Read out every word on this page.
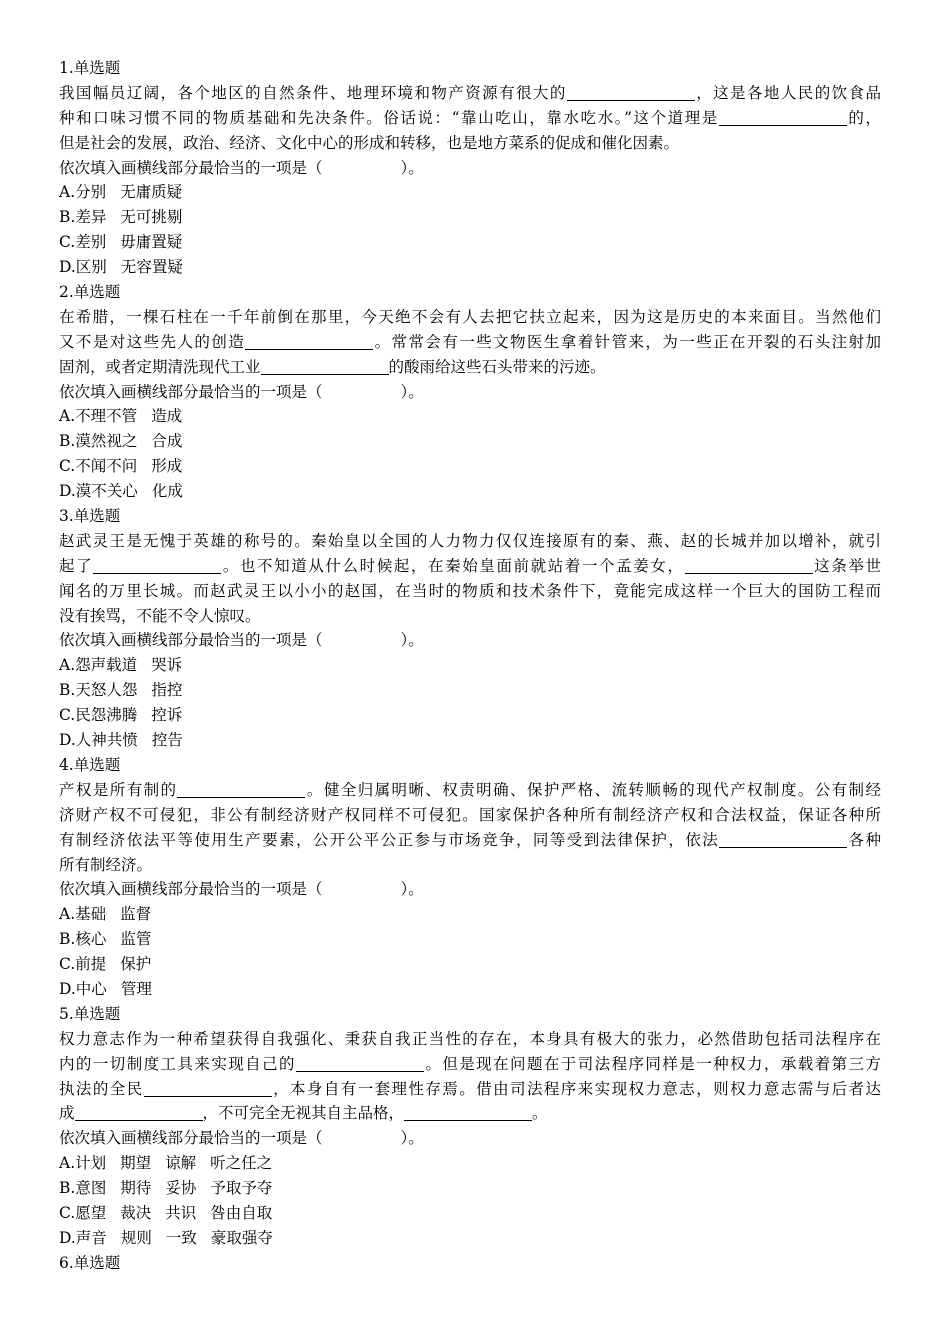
1.单选题
我国幅员辽阔，各个地区的自然条件、地理环境和物产资源有很大的	，这是各地人民的饮食品
种和口味习惯不同的物质基础和先决条件。俗话说：“靠山吃山，靠水吃水。”这个道理是	的，
但是社会的发展，政治、经济、文化中心的形成和转移，也是地方菜系的促成和催化因素。
依次填入画横线部分最恰当的一项是（	）。
A.分别 无庸质疑
B.差异 无可挑剔
C.差别 毋庸置疑
D.区别 无容置疑
2.单选题
在希腊，一棵石柱在一千年前倒在那里，今天绝不会有人去把它扶立起来，因为这是历史的本来面目。当然他们
又不是对这些先人的创造	。常常会有一些文物医生拿着针管来，为一些正在开裂的石头注射加
固剂，或者定期清洗现代工业	的酸雨给这些石头带来的污迹。
依次填入画横线部分最恰当的一项是（	）。
A.不理不管 造成
B.漠然视之 合成
C.不闻不问 形成
D.漠不关心 化成
3.单选题
赵武灵王是无愧于英雄的称号的。秦始皇以全国的人力物力仅仅连接原有的秦、燕、赵的长城并加以增补，就引
起了	。也不知道从什么时候起，在秦始皇面前就站着一个孟姜女，	这条举世
闻名的万里长城。而赵武灵王以小小的赵国，在当时的物质和技术条件下，竟能完成这样一个巨大的国防工程而
没有挨骂，不能不令人惊叹。
依次填入画横线部分最恰当的一项是（	）。
A.怨声载道 哭诉
B.天怒人怨 指控
C.民怨沸腾 控诉
D.人神共愤 控告
4.单选题
产权是所有制的	。健全归属明晰、权责明确、保护严格、流转顺畅的现代产权制度。公有制经
济财产权不可侵犯，非公有制经济财产权同样不可侵犯。国家保护各种所有制经济产权和合法权益，保证各种所
有制经济依法平等使用生产要素，公开公平公正参与市场竞争，同等受到法律保护，依法	各种
所有制经济。
依次填入画横线部分最恰当的一项是（	）。
A.基础 监督
B.核心 监管
C.前提 保护
D.中心 管理
5.单选题
权力意志作为一种希望获得自我强化、秉获自我正当性的存在，本身具有极大的张力，必然借助包括司法程序在
内的一切制度工具来实现自己的	。但是现在问题在于司法程序同样是一种权力，承载着第三方
执法的全民	，本身自有一套理性存焉。借由司法程序来实现权力意志，则权力意志需与后者达
成	，不可完全无视其自主品格，	。
依次填入画横线部分最恰当的一项是（	）。
A.计划 期望 谅解 听之任之
B.意图 期待 妥协 予取予夺
C.愿望 裁决 共识 咎由自取
D.声音 规则 一致 豪取强夺
6.单选题
